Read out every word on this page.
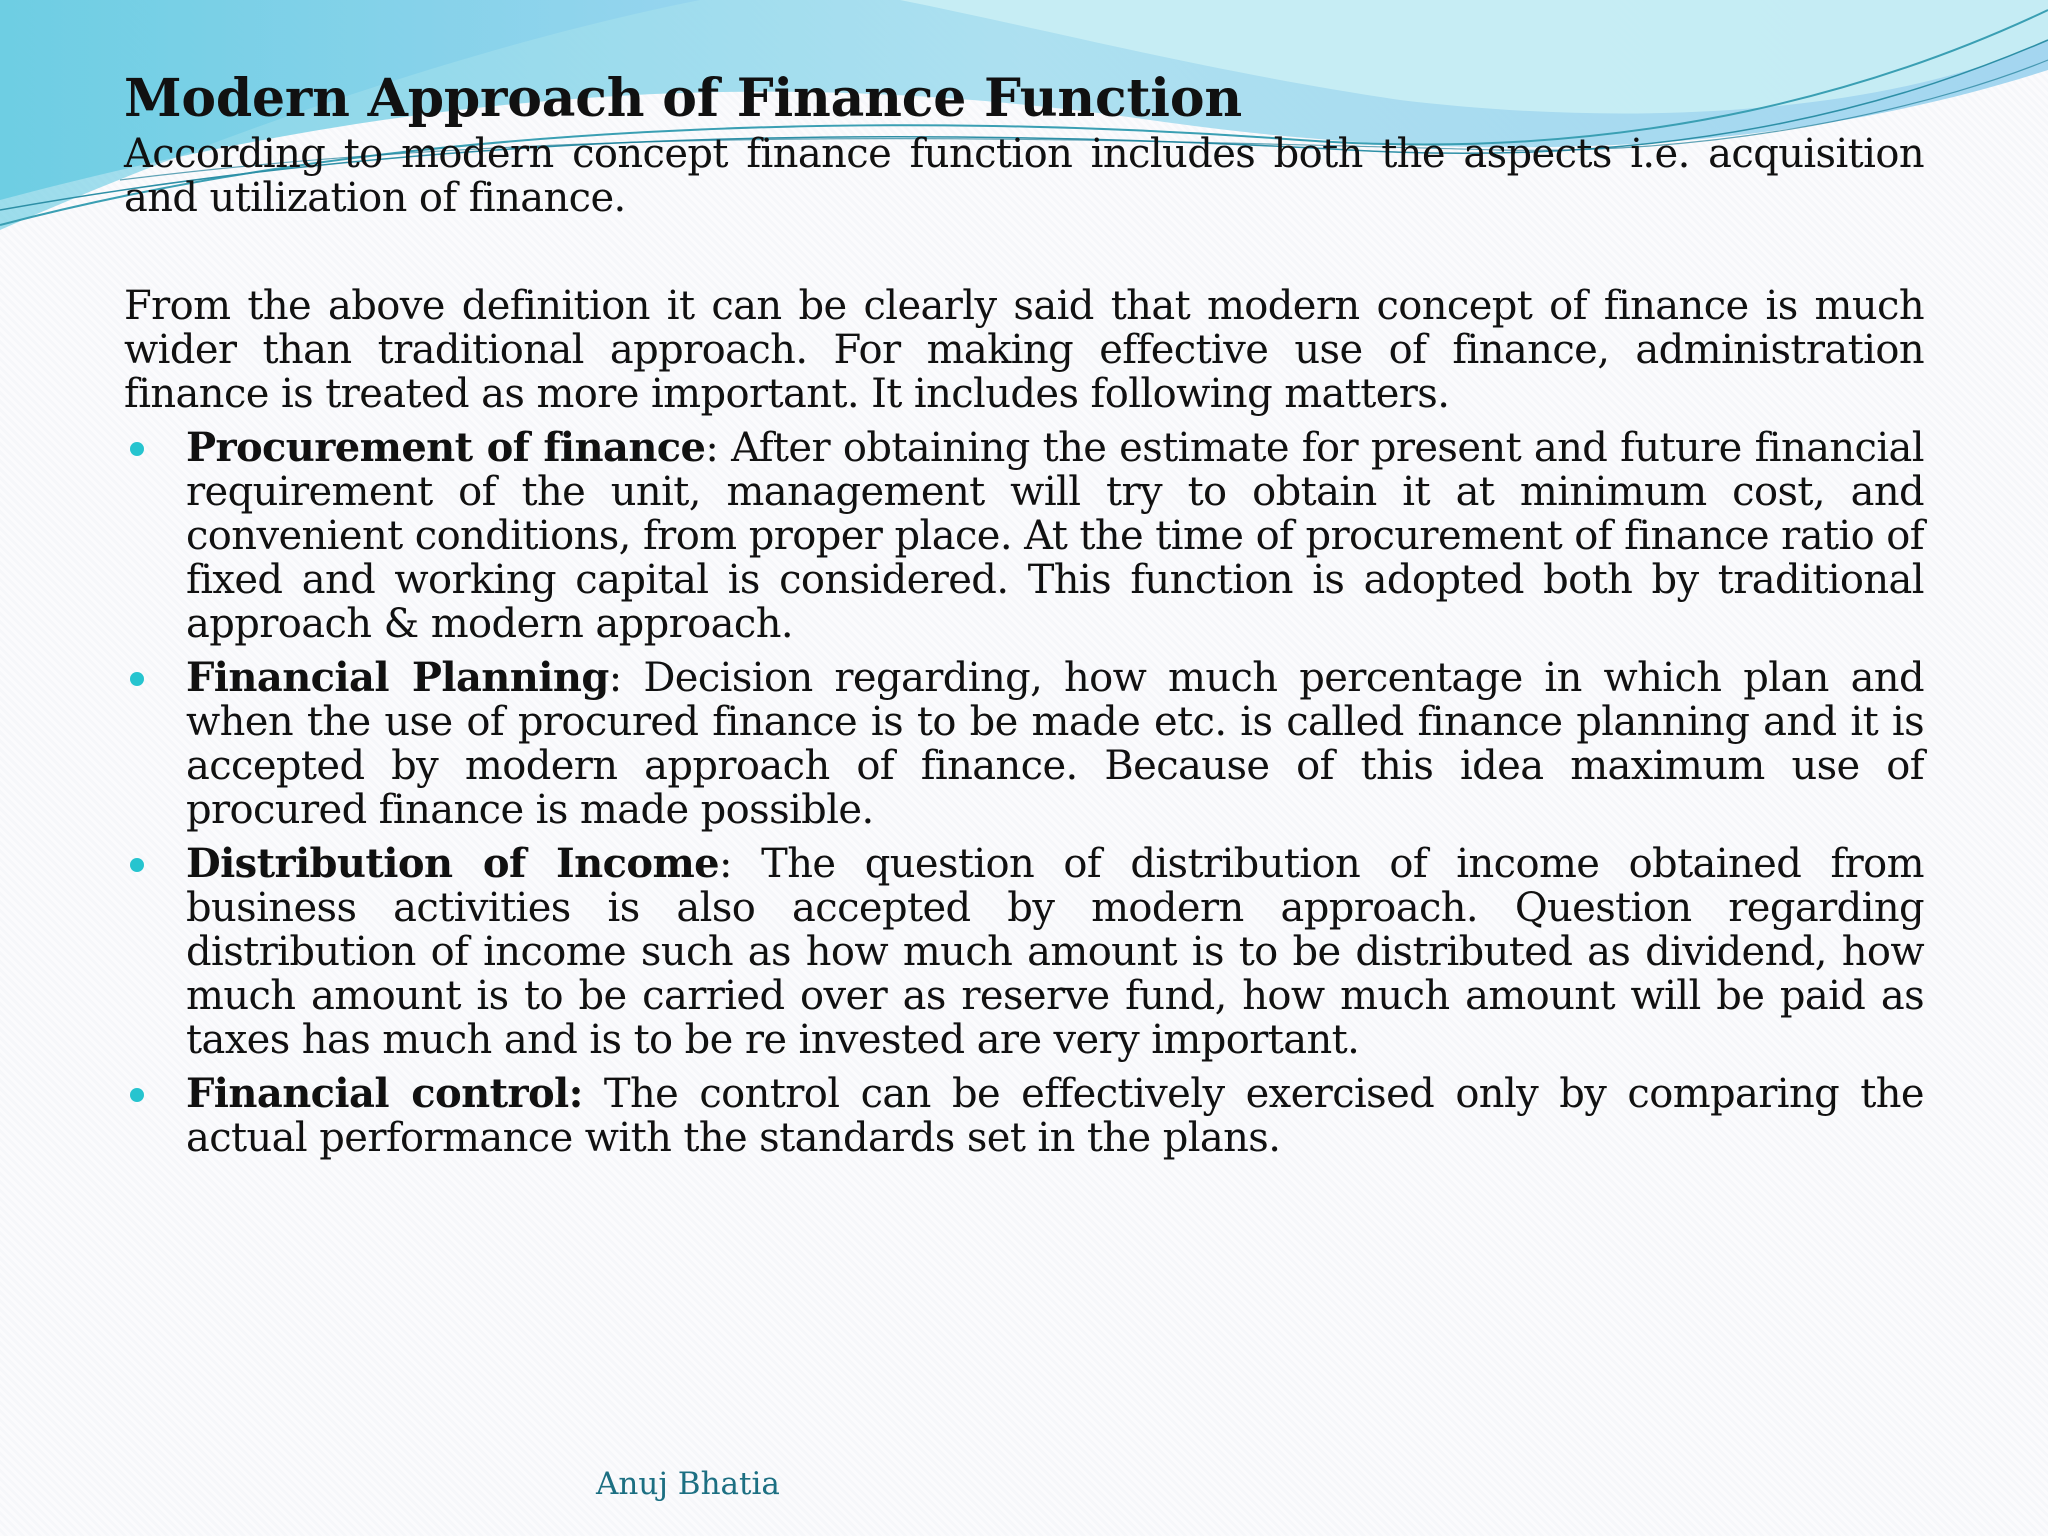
Modern Approach of Finance Function

According to modern concept finance function includes both the aspects i.e. acquisition and utilization of finance.

From the above definition it can be clearly said that modern concept of finance is much wider than traditional approach. For making effective use of finance, administration finance is treated as more important. It includes following matters.

Procurement of finance: After obtaining the estimate for present and future financial requirement of the unit, management will try to obtain it at minimum cost, and convenient conditions, from proper place. At the time of procurement of finance ratio of fixed and working capital is considered. This function is adopted both by traditional approach & modern approach.
Financial Planning: Decision regarding, how much percentage in which plan and when the use of procured finance is to be made etc. is called finance planning and it is accepted by modern approach of finance. Because of this idea maximum use of procured finance is made possible.
Distribution of Income: The question of distribution of income obtained from business activities is also accepted by modern approach. Question regarding distribution of income such as how much amount is to be distributed as dividend, how much amount is to be carried over as reserve fund, how much amount will be paid as taxes has much and is to be re invested are very important.
Financial control: The control can be effectively exercised only by comparing the actual performance with the standards set in the plans.
Anuj Bhatia
